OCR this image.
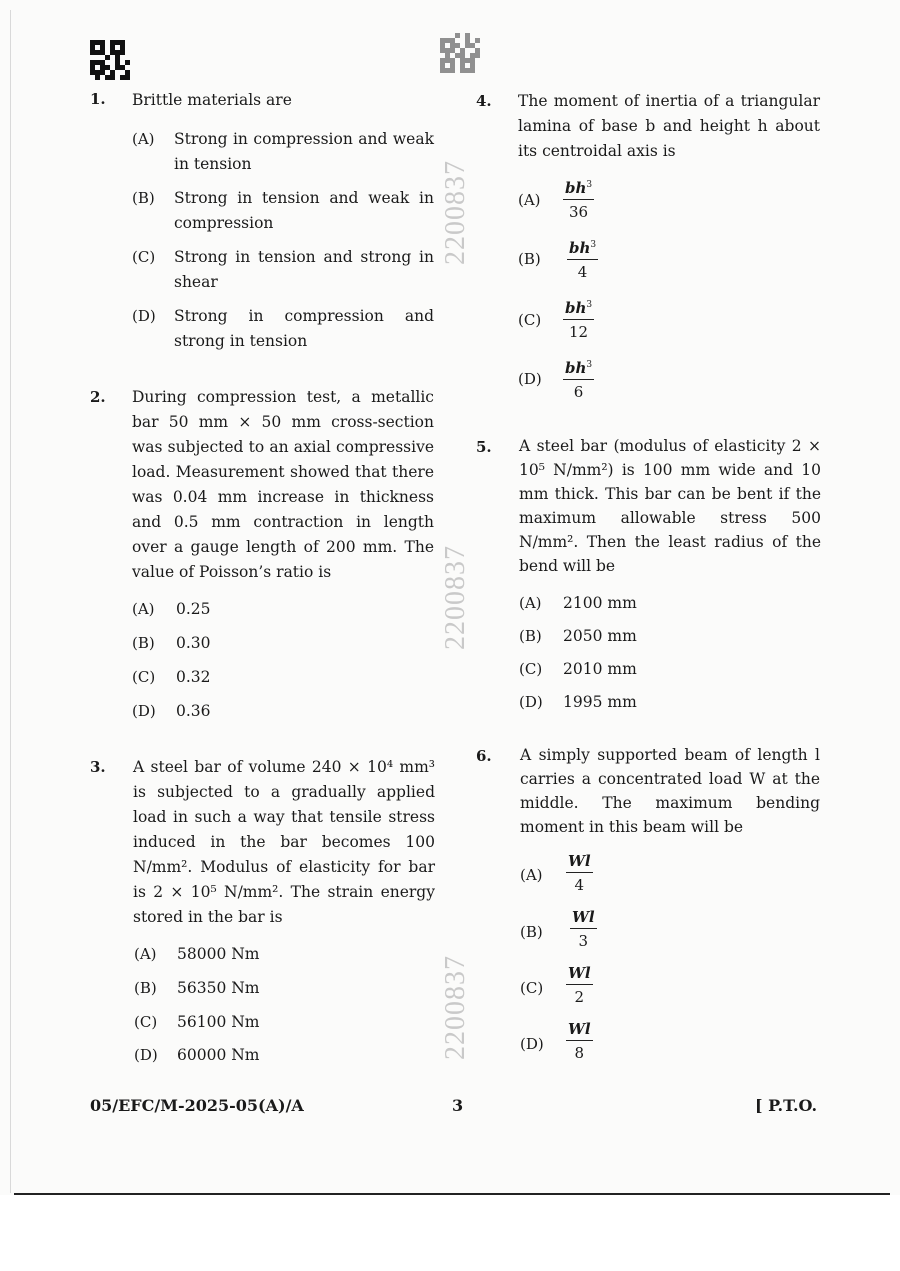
2200837
2200837
2200837
1. Brittle materials are
(A) Strong in compression and weak in tension
(B) Strong in tension and weak in compression
(C) Strong in tension and strong in shear
(D) Strong in compression and strong in tension
2. During compression test, a metallic bar 50 mm × 50 mm cross-section was subjected to an axial compressive load. Measurement showed that there was 0.04 mm increase in thickness and 0.5 mm contraction in length over a gauge length of 200 mm. The value of Poisson’s ratio is
(A) 0.25
(B) 0.30
(C) 0.32
(D) 0.36
3. A steel bar of volume 240 × 10⁴ mm³ is subjected to a gradually applied load in such a way that tensile stress induced in the bar becomes 100 N/mm². Modulus of elasticity for bar is 2 × 10⁵ N/mm². The strain energy stored in the bar is
(A) 58000 Nm
(B) 56350 Nm
(C) 56100 Nm
(D) 60000 Nm
4. The moment of inertia of a triangular lamina of base b and height h about its centroidal axis is
$(A) \frac{bh^3}{36}$
$(B) \frac{bh^3}{4}$
$(C) \frac{bh^3}{12}$
$(D) \frac{bh^3}{6}$
5. A steel bar (modulus of elasticity 2 × 10⁵ N/mm²) is 100 mm wide and 10 mm thick. This bar can be bent if the maximum allowable stress 500 N/mm². Then the least radius of the bend will be
(A) 2100 mm
(B) 2050 mm
(C) 2010 mm
(D) 1995 mm
6. A simply supported beam of length l carries a concentrated load W at the middle. The maximum bending moment in this beam will be
$(A) \frac{Wl}{4}$
$(B) \frac{Wl}{3}$
$(C) \frac{Wl}{2}$
$(D) \frac{Wl}{8}$
05/EFC/M-2025-05(A)/A	3	[ P.T.O.
